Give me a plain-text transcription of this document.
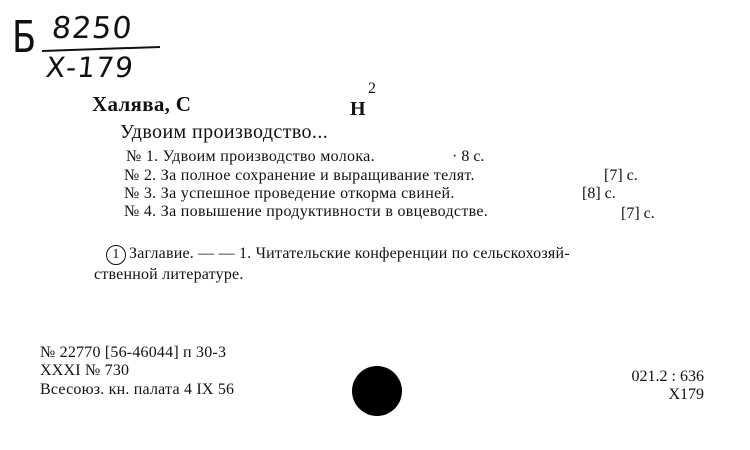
Б 8250
Х-179
Халява, С
2
Н
Удвоим производство...
№ 1. Удвоим производство молока.	· 8 с.
№ 2. За полное сохранение и выращивание телят.	[7] с.
№ 3. За успешное проведение откорма свиней.	[8] с.
№ 4. За повышение продуктивности в овцеводстве.	[7] с.
1 Заглавие. — — 1. Читательские конференции по сельскохозяй-
ственной литературе.
№ 22770 [56-46044] п 30-3
XXXI № 730
Всесоюз. кн. палата 4 IX 56
021.2 : 636
X179
